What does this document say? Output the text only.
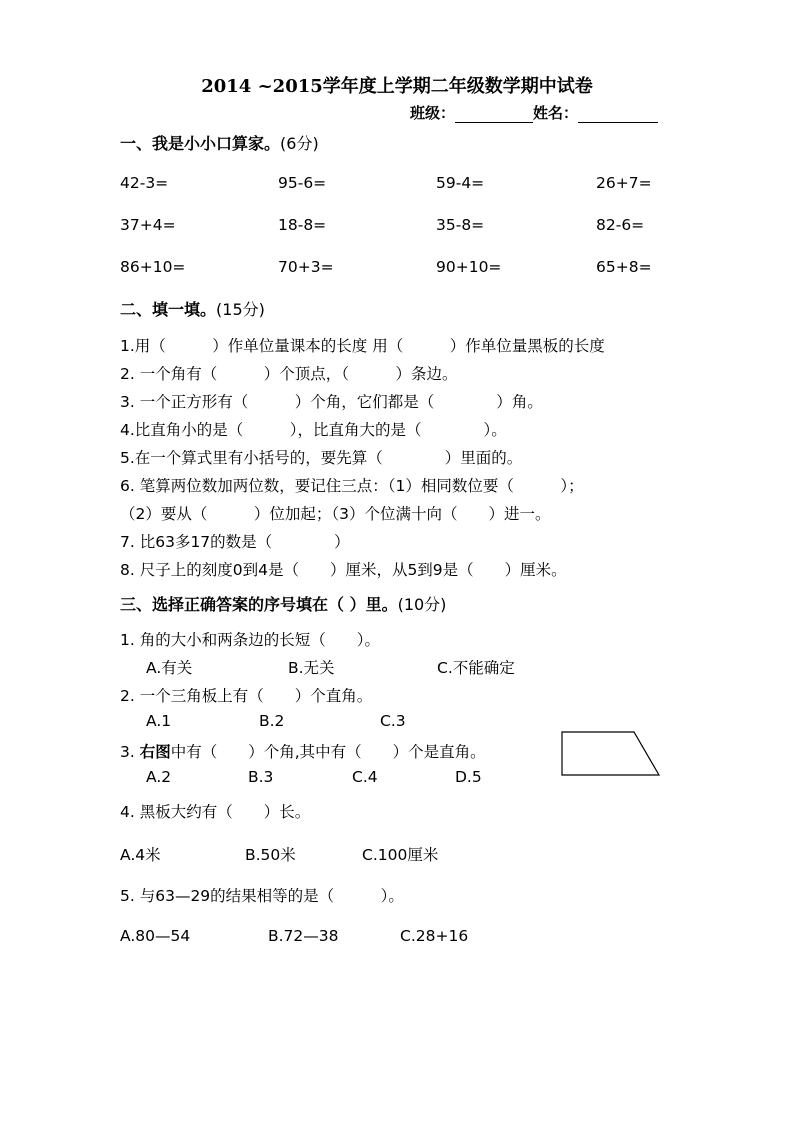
2014 ~2015学年度上学期二年级数学期中试卷
班级：	姓名：
一、我是小小口算家。(6分)
42-3=	95-6=	59-4=	26+7=
37+4=	18-8=	35-8=	82-6=
86+10=	70+3=	90+10=	65+8=
二、填一填。(15分)
1.用（　　　）作单位量课本的长度 用（　　　）作单位量黑板的长度
2. 一个角有（　　　）个顶点，（　　　）条边。
3. 一个正方形有（　　　）个角，它们都是（　　　　）角。
4.比直角小的是（　　　），比直角大的是（　　　　）。
5.在一个算式里有小括号的，要先算（　　　　）里面的。
6. 笔算两位数加两位数，要记住三点：（1）相同数位要（　　　）；
（2）要从（　　　）位加起；（3）个位满十向（　　）进一。
7. 比63多17的数是（　　　　）
8. 尺子上的刻度0到4是（　　）厘米，从5到9是（　　）厘米。
三、选择正确答案的序号填在（ ）里。(10分)
1. 角的大小和两条边的长短（　　）。
A.有关	B.无关	C.不能确定
2. 一个三角板上有（　　）个直角。
A.1	B.2	C.3
3. 右图中有（　　）个角,其中有（　　）个是直角。
A.2	B.3	C.4	D.5
4. 黑板大约有（　　）长。
A.4米	B.50米	C.100厘米
5. 与63—29的结果相等的是（　　　）。
A.80—54	B.72—38	C.28+16
